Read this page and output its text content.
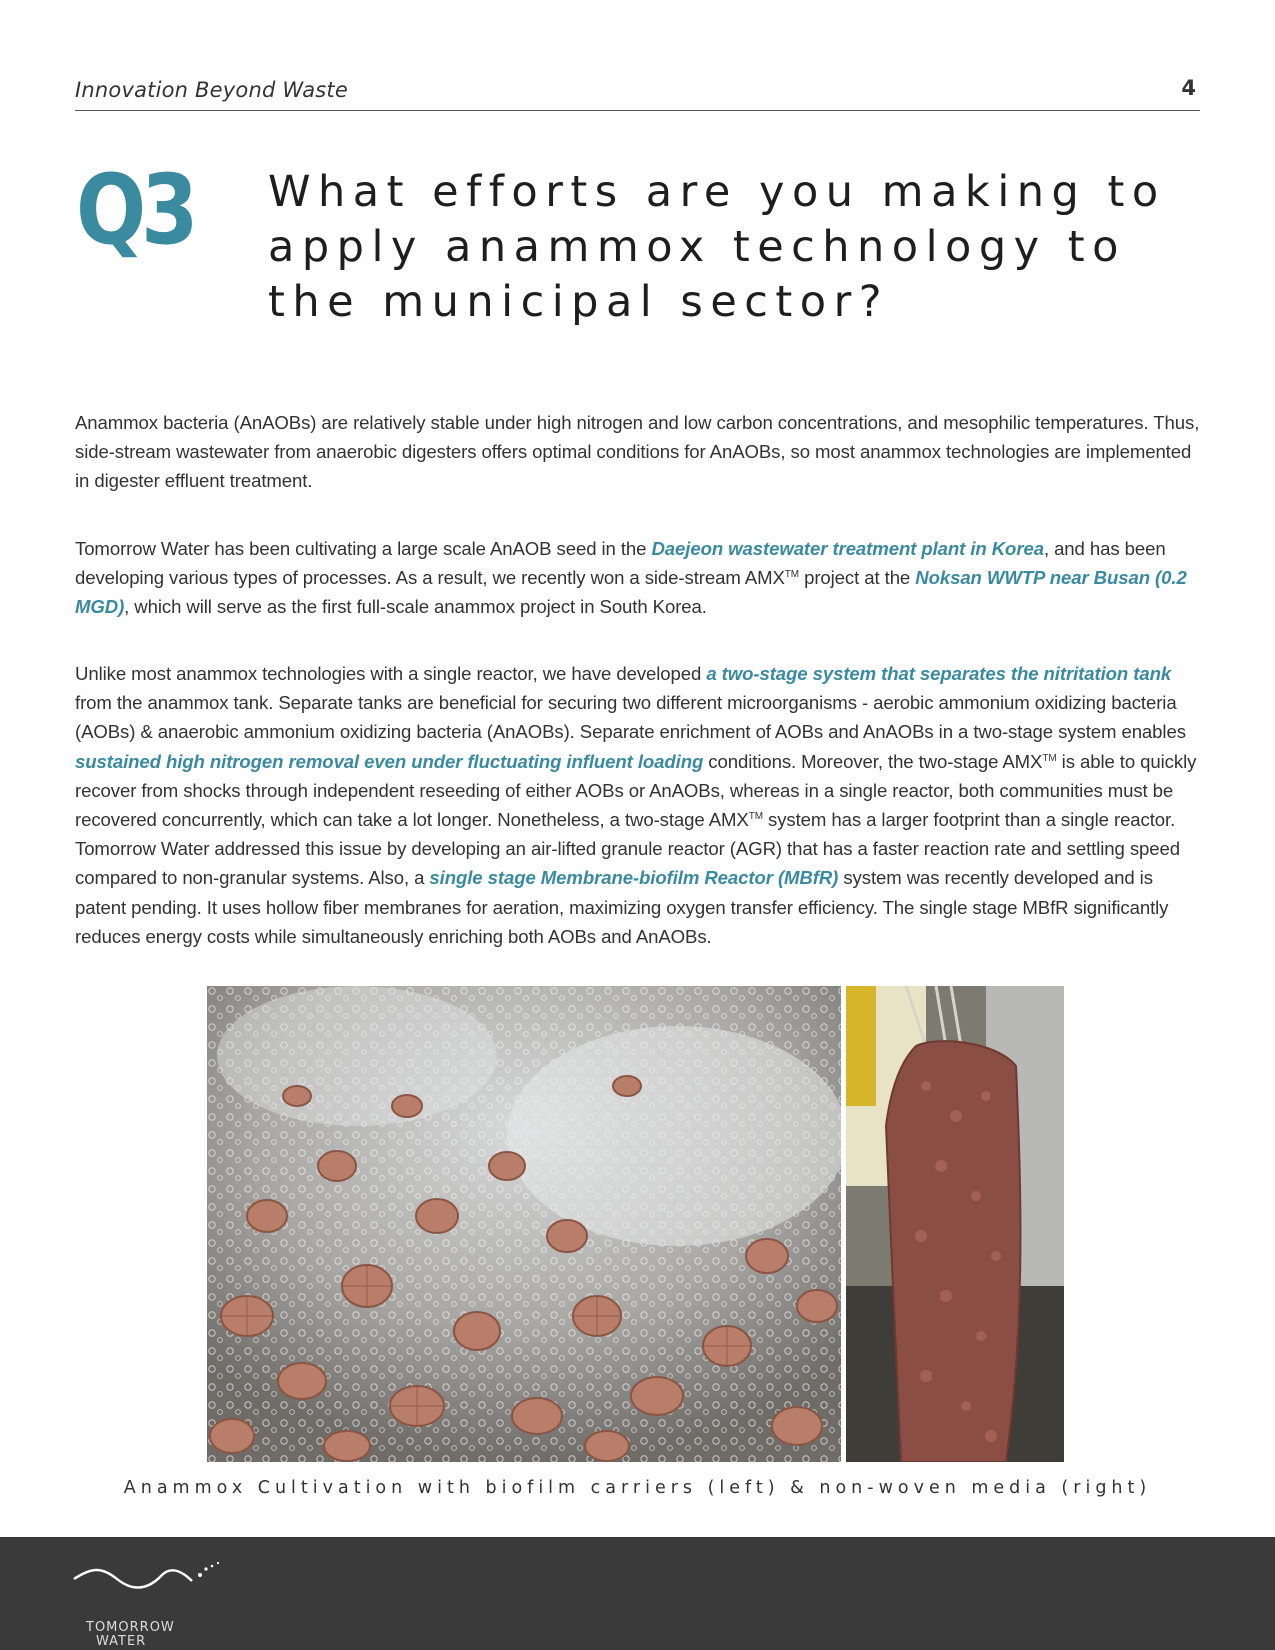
Innovation Beyond Waste	4
Q3 What efforts are you making to apply anammox technology to the municipal sector?

Anammox bacteria (AnAOBs) are relatively stable under high nitrogen and low carbon concentrations, and mesophilic temperatures. Thus, side-stream wastewater from anaerobic digesters offers optimal conditions for AnAOBs, so most anammox technologies are implemented in digester effluent treatment.

Tomorrow Water has been cultivating a large scale AnAOB seed in the Daejeon wastewater treatment plant in Korea, and has been developing various types of processes. As a result, we recently won a side-stream AMX™ project at the Noksan WWTP near Busan (0.2 MGD), which will serve as the first full-scale anammox project in South Korea.

Unlike most anammox technologies with a single reactor, we have developed a two-stage system that separates the nitritation tank from the anammox tank. Separate tanks are beneficial for securing two different microorganisms - aerobic ammonium oxidizing bacteria (AOBs) & anaerobic ammonium oxidizing bacteria (AnAOBs). Separate enrichment of AOBs and AnAOBs in a two-stage system enables sustained high nitrogen removal even under fluctuating influent loading conditions. Moreover, the two-stage AMX™ is able to quickly recover from shocks through independent reseeding of either AOBs or AnAOBs, whereas in a single reactor, both communities must be recovered concurrently, which can take a lot longer. Nonetheless, a two-stage AMX™ system has a larger footprint than a single reactor. Tomorrow Water addressed this issue by developing an air-lifted granule reactor (AGR) that has a faster reaction rate and settling speed compared to non-granular systems. Also, a single stage Membrane-biofilm Reactor (MBfR) system was recently developed and is patent pending. It uses hollow fiber membranes for aeration, maximizing oxygen transfer efficiency. The single stage MBfR significantly reduces energy costs while simultaneously enriching both AOBs and AnAOBs.

Anammox Cultivation with biofilm carriers (left) & non-woven media (right)
TOMORROW
WATER
